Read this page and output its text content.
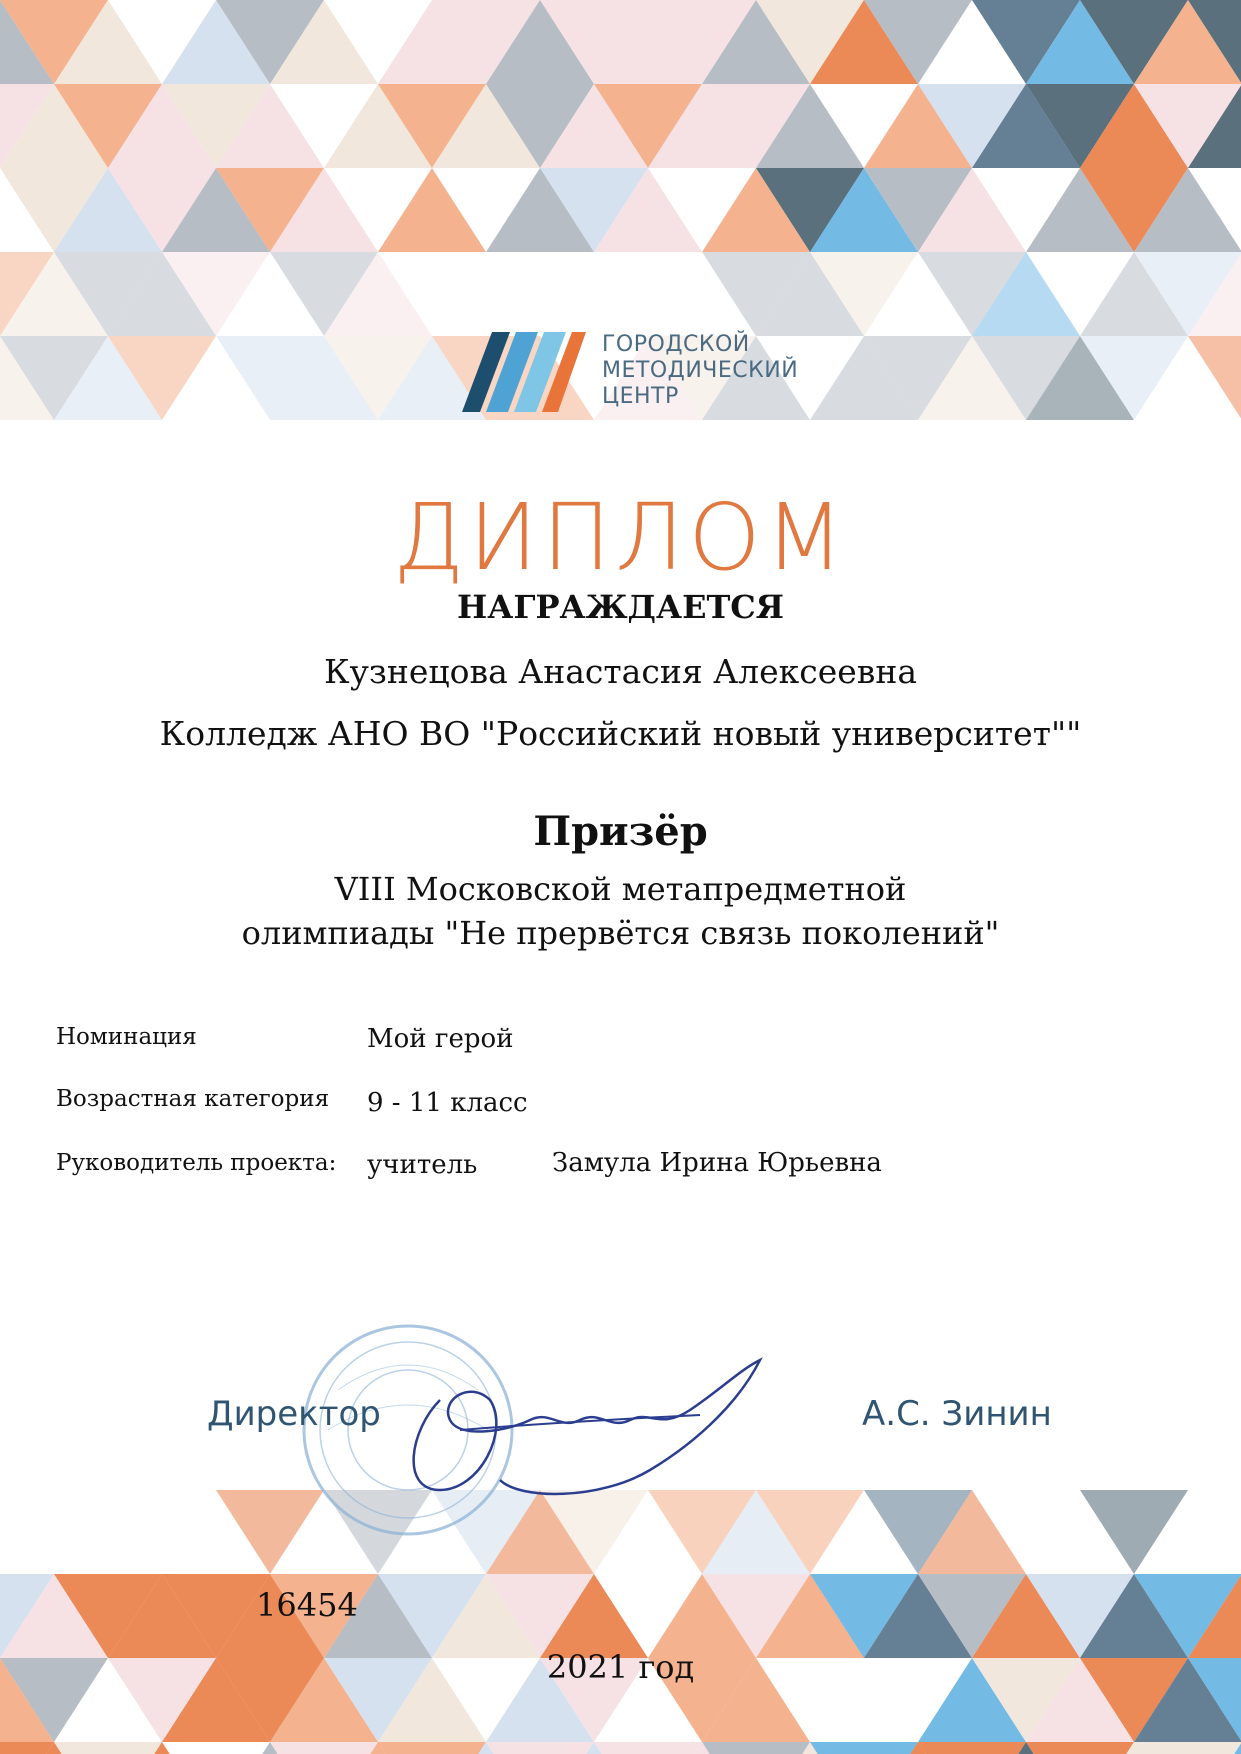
ГОРОДСКОЙ
МЕТОДИЧЕСКИЙ
ЦЕНТР
ДИПЛОМ
НАГРАЖДАЕТСЯ
Кузнецова Анастасия Алексеевна
Колледж АНО ВО "Российский новый университет""
Призёр
VIII Московской метапредметной
олимпиады "Не прервётся связь поколений"
Номинация	Мой герой
Возрастная категория 9 - 11 класс
Руководитель проекта: учитель	Замула Ирина Юрьевна
Директор	А.С. Зинин
16454
2021 год
